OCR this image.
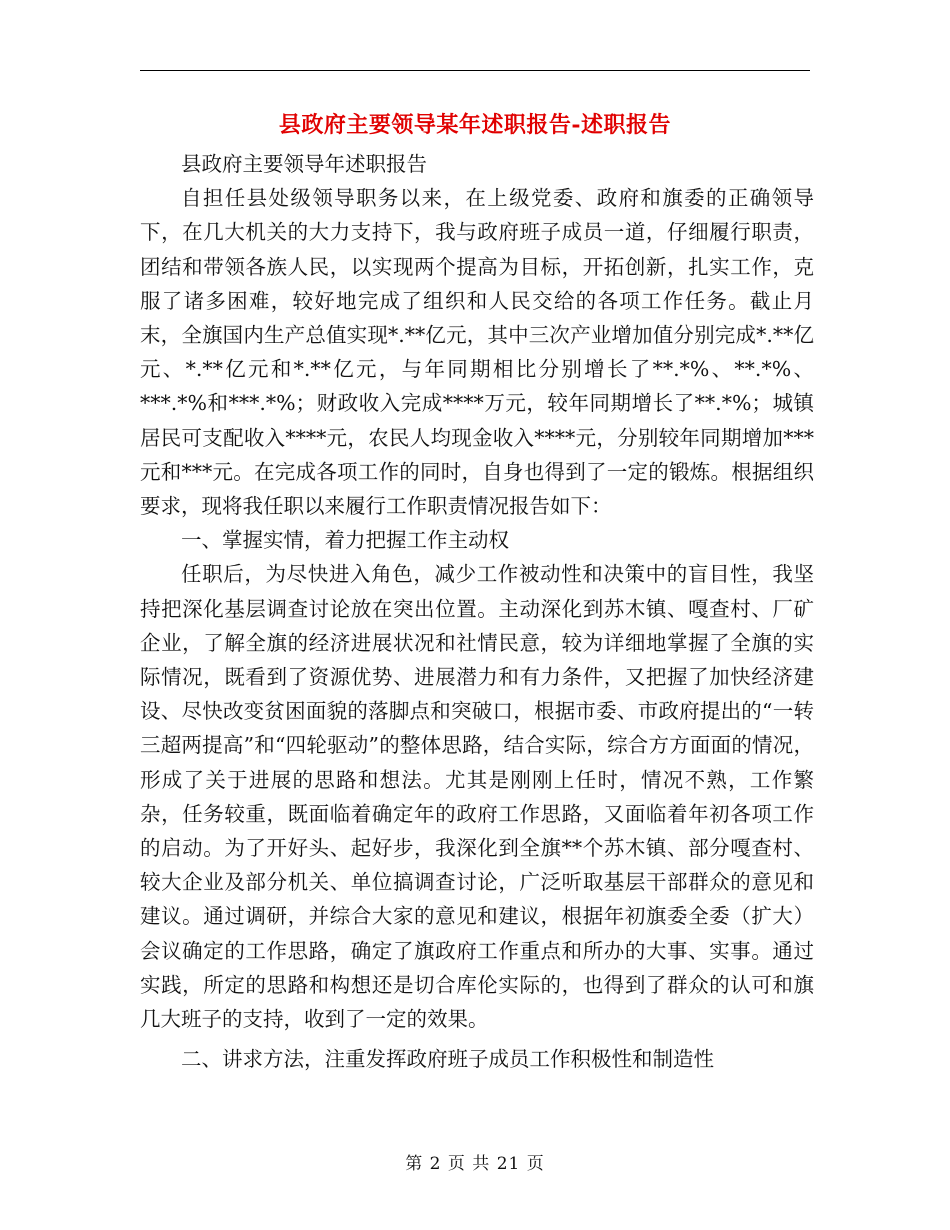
县政府主要领导某年述职报告-述职报告

县政府主要领导年述职报告

自担任县处级领导职务以来，在上级党委、政府和旗委的正确领导下，在几大机关的大力支持下，我与政府班子成员一道，仔细履行职责，团结和带领各族人民，以实现两个提高为目标，开拓创新，扎实工作，克服了诸多困难，较好地完成了组织和人民交给的各项工作任务。截止月末，全旗国内生产总值实现*.**亿元，其中三次产业增加值分别完成*.**亿元、*.**亿元和*.**亿元，与年同期相比分别增长了**.*%、**.*%、***.*%和***.*%；财政收入完成****万元，较年同期增长了**.*%；城镇居民可支配收入****元，农民人均现金收入****元，分别较年同期增加***元和***元。在完成各项工作的同时，自身也得到了一定的锻炼。根据组织要求，现将我任职以来履行工作职责情况报告如下：

一、掌握实情，着力把握工作主动权

任职后，为尽快进入角色，减少工作被动性和决策中的盲目性，我坚持把深化基层调查讨论放在突出位置。主动深化到苏木镇、嘎查村、厂矿企业，了解全旗的经济进展状况和社情民意，较为详细地掌握了全旗的实际情况，既看到了资源优势、进展潜力和有力条件，又把握了加快经济建设、尽快改变贫困面貌的落脚点和突破口，根据市委、市政府提出的“一转三超两提高”和“四轮驱动”的整体思路，结合实际，综合方方面面的情况，形成了关于进展的思路和想法。尤其是刚刚上任时，情况不熟，工作繁杂，任务较重，既面临着确定年的政府工作思路，又面临着年初各项工作的启动。为了开好头、起好步，我深化到全旗**个苏木镇、部分嘎查村、较大企业及部分机关、单位搞调查讨论，广泛听取基层干部群众的意见和建议。通过调研，并综合大家的意见和建议，根据年初旗委全委（扩大）会议确定的工作思路，确定了旗政府工作重点和所办的大事、实事。通过实践，所定的思路和构想还是切合库伦实际的，也得到了群众的认可和旗几大班子的支持，收到了一定的效果。

二、讲求方法，注重发挥政府班子成员工作积极性和制造性

第 2 页 共 21 页
